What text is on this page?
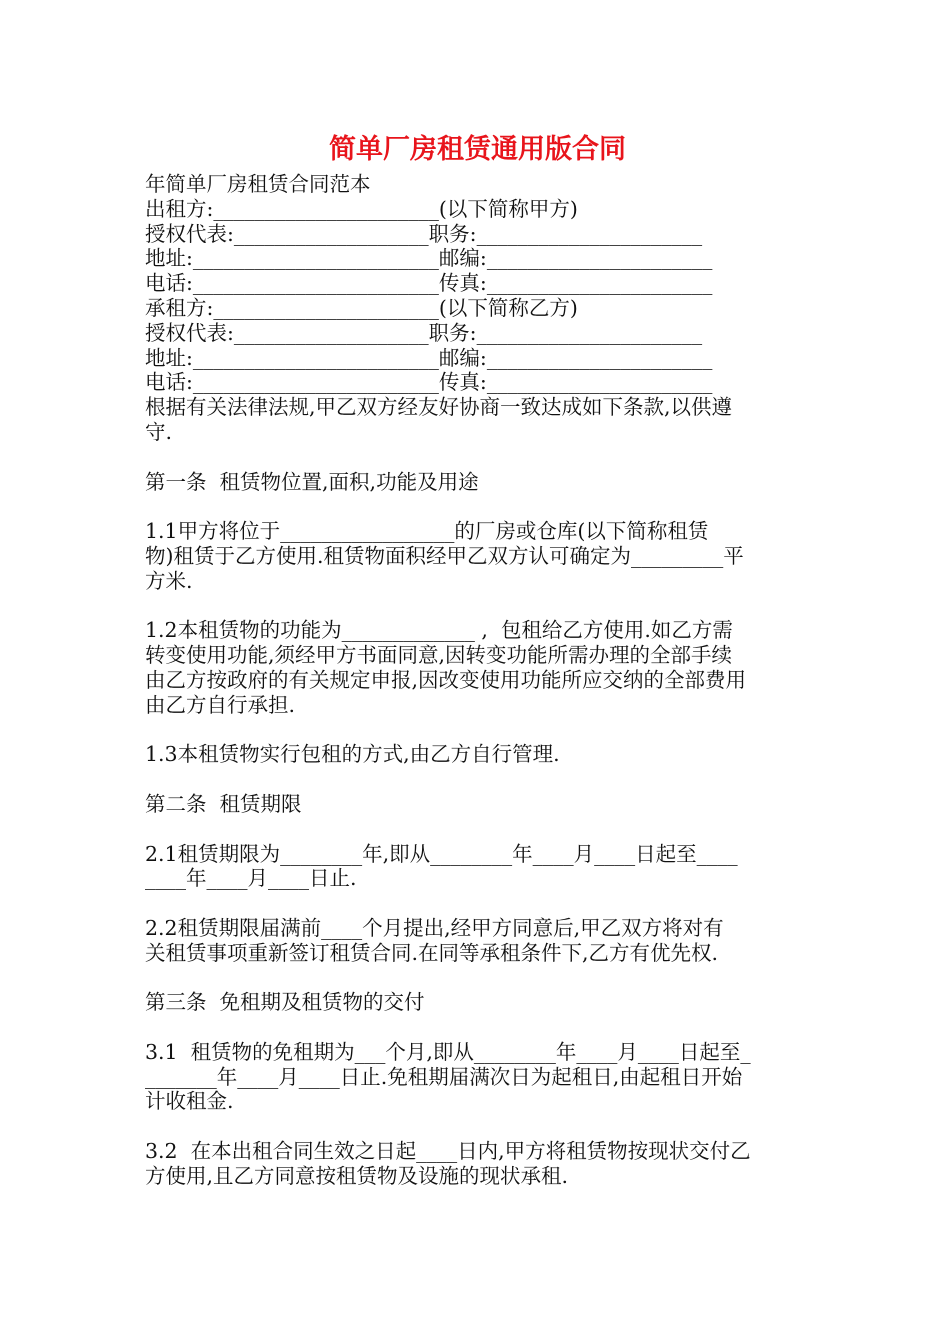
简单厂房租赁通用版合同
年简单厂房租赁合同范本
出租方:______________________(以下简称甲方)
授权代表:___________________职务:______________________
地址:________________________邮编:______________________
电话:________________________传真:______________________
承租方:______________________(以下简称乙方)
授权代表:___________________职务:______________________
地址:________________________邮编:______________________
电话:________________________传真:______________________
根据有关法律法规,甲乙双方经友好协商一致达成如下条款,以供遵
守.
第一条  租赁物位置,面积,功能及用途
1.1甲方将位于_________________的厂房或仓库(以下简称租赁
物)租赁于乙方使用.租赁物面积经甲乙双方认可确定为_________平
方米.
1.2本租赁物的功能为_____________ ,  包租给乙方使用.如乙方需
转变使用功能,须经甲方书面同意,因转变功能所需办理的全部手续
由乙方按政府的有关规定申报,因改变使用功能所应交纳的全部费用
由乙方自行承担.
1.3本租赁物实行包租的方式,由乙方自行管理.
第二条  租赁期限
2.1租赁期限为________年,即从________年____月____日起至____
____年____月____日止.
2.2租赁期限届满前____个月提出,经甲方同意后,甲乙双方将对有
关租赁事项重新签订租赁合同.在同等承租条件下,乙方有优先权.
第三条  免租期及租赁物的交付
3.1  租赁物的免租期为___个月,即从________年____月____日起至_
_______年____月____日止.免租期届满次日为起租日,由起租日开始
计收租金.
3.2  在本出租合同生效之日起____日内,甲方将租赁物按现状交付乙
方使用,且乙方同意按租赁物及设施的现状承租.
